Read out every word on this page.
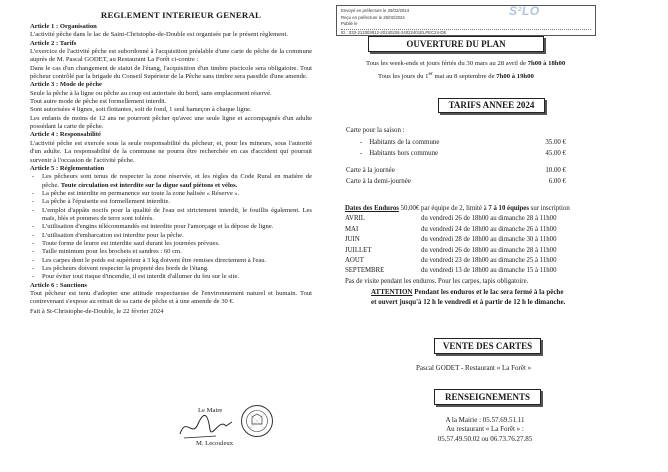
REGLEMENT INTERIEUR GENERAL
Article 1 : Organisation

L'activité pêche dans le lac de Saint-Christophe-de-Double est organisée par le présent règlement.

Article 2 : Tarifs

L'exercice de l'activité pêche est subordonné à l'acquisition préalable d'une carte de pêche de la commune auprès de M. Pascal GODET, au Restaurant La Forêt ci-contre :

Dans le cas d'un changement de statut de l'étang, l'acquisition d'un timbre piscicole sera obligatoire. Tout pêcheur contrôlé par la brigade du Conseil Supérieur de la Pêche sans timbre sera passible d'une amende.

Article 3 : Mode de pêche

Seule la pêche à la ligne ou pêche au coup est autorisée du bord, sans emplacement réservé.

Tout autre mode de pêche est formellement interdit.

Sont autorisées 4 lignes, soit flottantes, soit de fond, 1 seul hameçon à chaque ligne.

Les enfants de moins de 12 ans ne pourront pêcher qu'avec une seule ligne et accompagnés d'un adulte possédant la carte de pêche.

Article 4 : Responsabilité

L'activité pêche est exercée sous la seule responsabilité du pêcheur, et, pour les mineurs, sous l'autorité d'un adulte. La responsabilité de la commune ne pourra être recherchée en cas d'accident qui pourrait survenir à l'occasion de l'activité pêche.

Article 5 : Réglementation
- Les pêcheurs sont tenus de respecter la zone réservée, et les règles du Code Rural en matière de pêche. Toute circulation est interdite sur la digue sauf piétons et vélos.
- La pêche est interdite en permanence sur toute la zone balisée « Réserve ».
- La pêche à l'épuisette est formellement interdite.
- L'emploi d'appâts nocifs pour la qualité de l'eau est strictement interdit, le fouillis également. Les maïs, blés et pommes de terre sont tolérés.
- L'utilisation d'engins télécommandés est interdite pour l'amorçage et la dépose de ligne.
- L'utilisation d'embarcation est interdite pour la pêche.
- Toute forme de leurre est interdite sauf durant les journées prévues.
- Taille minimum pour les brochets et sandres : 60 cm.
- Les carpes dont le poids est supérieur à 3 kg doivent être remises directement à l'eau.
- Les pêcheurs doivent respecter la propreté des bords de l'étang.
- Pour éviter tout risque d'incendie, il est interdit d'allumer du feu sur le site.
Article 6 : Sanctions

Tout pêcheur est tenu d'adopter une attitude respectueuse de l'environnement naturel et humain. Tout contrevenant s'expose au retrait de sa carte de pêche et à une amende de 30 €.

Fait à St-Christophe-de-Double, le 22 février 2024

Le Maire
M. Lecouleux
Envoyé en préfecture le 26/02/2024
Reçu en préfecture le 26/02/2024
Publié le
ID : 033-213303912-20240226-24022401ELPEC24-DE
S²LO
OUVERTURE DU PLAN
Tous les week-ends et jours fériés du 30 mars au 28 avril de 7h00 à 18h00
Tous les jours du 1er mai au 8 septembre de 7h00 à 19h00
TARIFS ANNEE 2024
Carte pour la saison :
- Habitants de la commune	35.00 €
- Habitants hors commune	45.00 €
Carte à la journée	10.00 €
Carte à la demi-journée	6.00 €
Dates des Enduros 50,00€ par équipe de 2, limité à 7 à 10 équipes sur inscription
AVRIL	du vendredi 26 de 18h00 au dimanche 28 à 11h00
MAI	du vendredi 24 de 18h00 au dimanche 26 à 11h00
JUIN	du vendredi 28 de 18h00 au dimanche 30 à 11h00
JUILLET	du vendredi 26 de 18h00 au dimanche 28 à 11h00
AOUT	du vendredi 23 de 18h00 au dimanche 25 à 11h00
SEPTEMBRE	du vendredi 13 de 18h00 au dimanche 15 à 11h00
Pas de visite pendant les enduros. Pour les carpes, tapis obligatoire.
ATTENTION Pendant les enduros et le lac sera fermé à la pêche
et ouvert jusqu'à 12 h le vendredi et à partir de 12 h le dimanche.
VENTE DES CARTES
Pascal GODET - Restaurant « La Forêt »
RENSEIGNEMENTS
A la Mairie : 05.57.69.51.11
Au restaurant « La Forêt » :
05.57.49.50.02 ou 06.73.76.27.85
